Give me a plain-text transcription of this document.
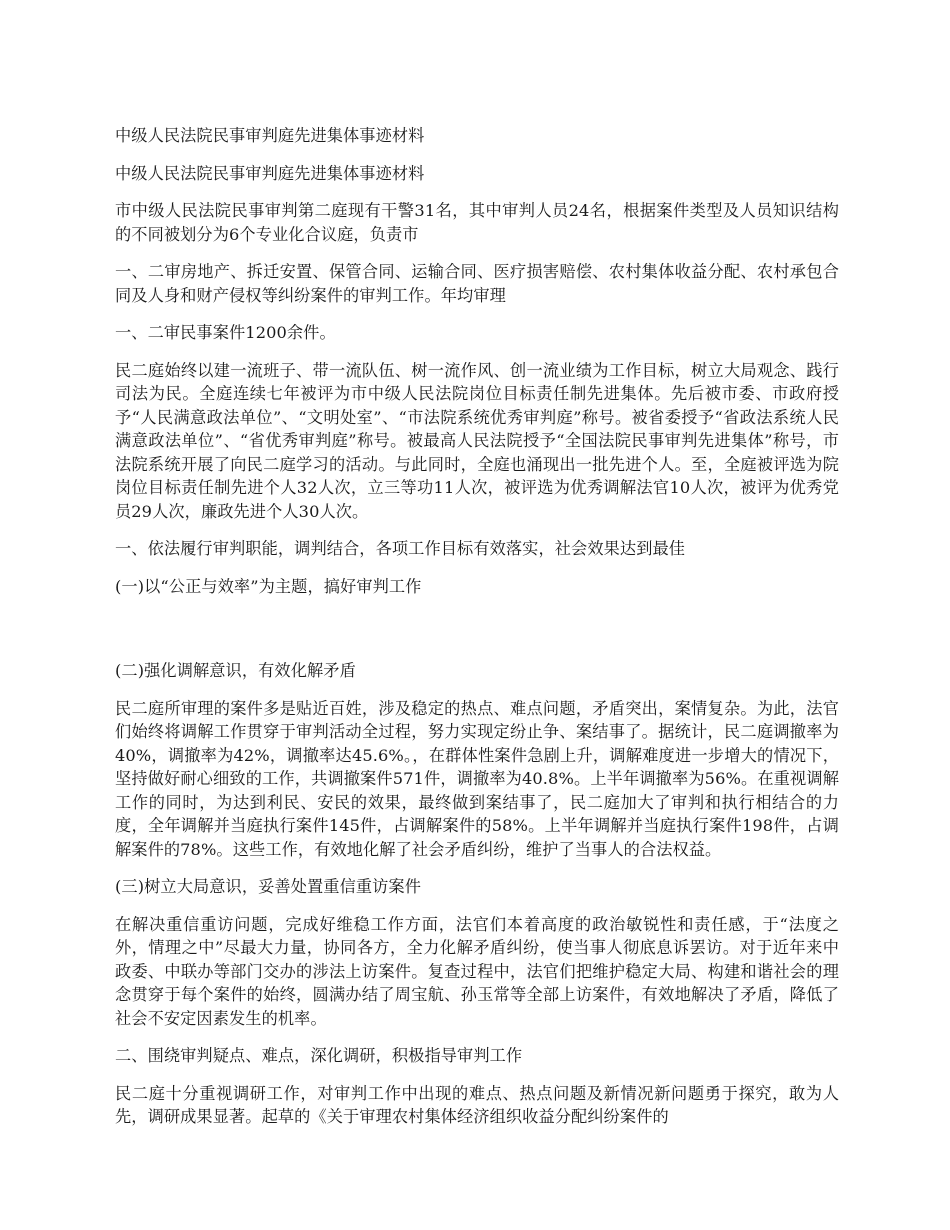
中级人民法院民事审判庭先进集体事迹材料

中级人民法院民事审判庭先进集体事迹材料

市中级人民法院民事审判第二庭现有干警31名，其中审判人员24名，根据案件类型及人员知识结构的不同被划分为6个专业化合议庭，负责市

一、二审房地产、拆迁安置、保管合同、运输合同、医疗损害赔偿、农村集体收益分配、农村承包合同及人身和财产侵权等纠纷案件的审判工作。年均审理

一、二审民事案件1200余件。

民二庭始终以建一流班子、带一流队伍、树一流作风、创一流业绩为工作目标，树立大局观念、践行司法为民。全庭连续七年被评为市中级人民法院岗位目标责任制先进集体。先后被市委、市政府授予“人民满意政法单位”、“文明处室”、“市法院系统优秀审判庭”称号。被省委授予“省政法系统人民满意政法单位”、“省优秀审判庭”称号。被最高人民法院授予“全国法院民事审判先进集体”称号，市法院系统开展了向民二庭学习的活动。与此同时，全庭也涌现出一批先进个人。至，全庭被评选为院岗位目标责任制先进个人32人次，立三等功11人次，被评选为优秀调解法官10人次，被评为优秀党员29人次，廉政先进个人30人次。

一、依法履行审判职能，调判结合，各项工作目标有效落实，社会效果达到最佳

(一)以“公正与效率”为主题，搞好审判工作

(二)强化调解意识，有效化解矛盾

民二庭所审理的案件多是贴近百姓，涉及稳定的热点、难点问题，矛盾突出，案情复杂。为此，法官们始终将调解工作贯穿于审判活动全过程，努力实现定纷止争、案结事了。据统计，民二庭调撤率为40%，调撤率为42%，调撤率达45.6%。，在群体性案件急剧上升，调解难度进一步增大的情况下，坚持做好耐心细致的工作，共调撤案件571件，调撤率为40.8%。上半年调撤率为56%。在重视调解工作的同时，为达到利民、安民的效果，最终做到案结事了，民二庭加大了审判和执行相结合的力度，全年调解并当庭执行案件145件，占调解案件的58%。上半年调解并当庭执行案件198件，占调解案件的78%。这些工作，有效地化解了社会矛盾纠纷，维护了当事人的合法权益。

(三)树立大局意识，妥善处置重信重访案件

在解决重信重访问题，完成好维稳工作方面，法官们本着高度的政治敏锐性和责任感，于“法度之外，情理之中”尽最大力量，协同各方，全力化解矛盾纠纷，使当事人彻底息诉罢访。对于近年来中政委、中联办等部门交办的涉法上访案件。复查过程中，法官们把维护稳定大局、构建和谐社会的理念贯穿于每个案件的始终，圆满办结了周宝航、孙玉常等全部上访案件，有效地解决了矛盾，降低了社会不安定因素发生的机率。

二、围绕审判疑点、难点，深化调研，积极指导审判工作

民二庭十分重视调研工作，对审判工作中出现的难点、热点问题及新情况新问题勇于探究，敢为人先，调研成果显著。起草的《关于审理农村集体经济组织收益分配纠纷案件的
